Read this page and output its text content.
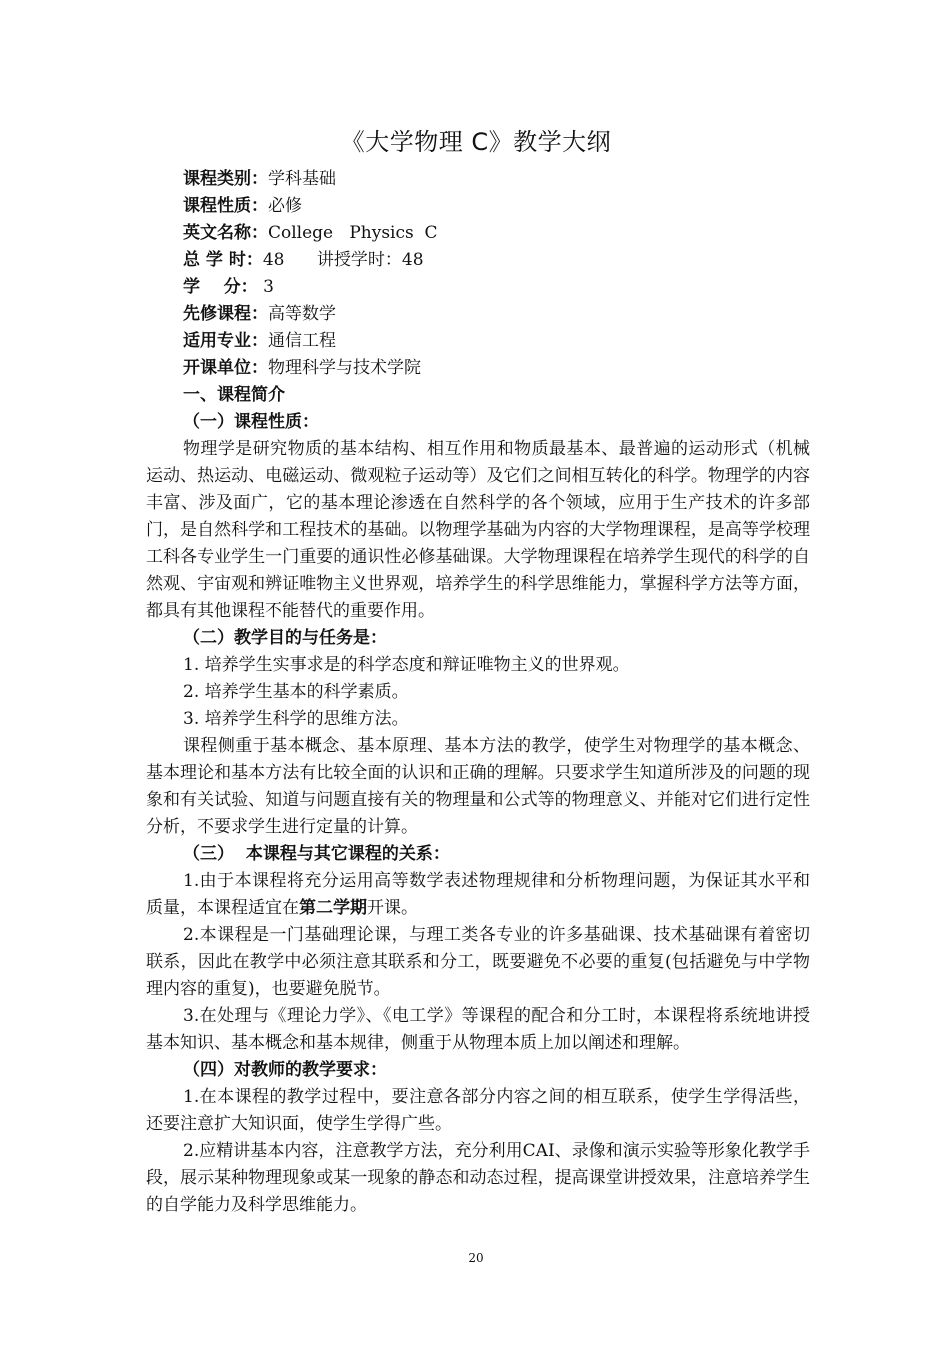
《大学物理 C》教学大纲
课程类别：学科基础
课程性质：必修
英文名称：College   Physics  C
总 学 时：48      讲授学时：48
学    分： 3
先修课程：高等数学
适用专业：通信工程
开课单位：物理科学与技术学院
一、课程简介
（一）课程性质：
物理学是研究物质的基本结构、相互作用和物质最基本、最普遍的运动形式（机械运动、热运动、电磁运动、微观粒子运动等）及它们之间相互转化的科学。物理学的内容丰富、涉及面广，它的基本理论渗透在自然科学的各个领域，应用于生产技术的许多部门，是自然科学和工程技术的基础。以物理学基础为内容的大学物理课程，是高等学校理工科各专业学生一门重要的通识性必修基础课。大学物理课程在培养学生现代的科学的自然观、宇宙观和辨证唯物主义世界观，培养学生的科学思维能力，掌握科学方法等方面，都具有其他课程不能替代的重要作用。
（二）教学目的与任务是：
1. 培养学生实事求是的科学态度和辩证唯物主义的世界观。
2. 培养学生基本的科学素质。
3. 培养学生科学的思维方法。
课程侧重于基本概念、基本原理、基本方法的教学，使学生对物理学的基本概念、基本理论和基本方法有比较全面的认识和正确的理解。只要求学生知道所涉及的问题的现象和有关试验、知道与问题直接有关的物理量和公式等的物理意义、并能对它们进行定性分析，不要求学生进行定量的计算。
（三）  本课程与其它课程的关系：
1.由于本课程将充分运用高等数学表述物理规律和分析物理问题，为保证其水平和质量，本课程适宜在第二学期开课。
2.本课程是一门基础理论课，与理工类各专业的许多基础课、技术基础课有着密切联系，因此在教学中必须注意其联系和分工，既要避免不必要的重复(包括避免与中学物理内容的重复)，也要避免脱节。
3.在处理与《理论力学》、《电工学》等课程的配合和分工时，本课程将系统地讲授基本知识、基本概念和基本规律，侧重于从物理本质上加以阐述和理解。
（四）对教师的教学要求：
1.在本课程的教学过程中，要注意各部分内容之间的相互联系，使学生学得活些，还要注意扩大知识面，使学生学得广些。
2.应精讲基本内容，注意教学方法，充分利用CAI、录像和演示实验等形象化教学手段，展示某种物理现象或某一现象的静态和动态过程，提高课堂讲授效果，注意培养学生的自学能力及科学思维能力。
20
